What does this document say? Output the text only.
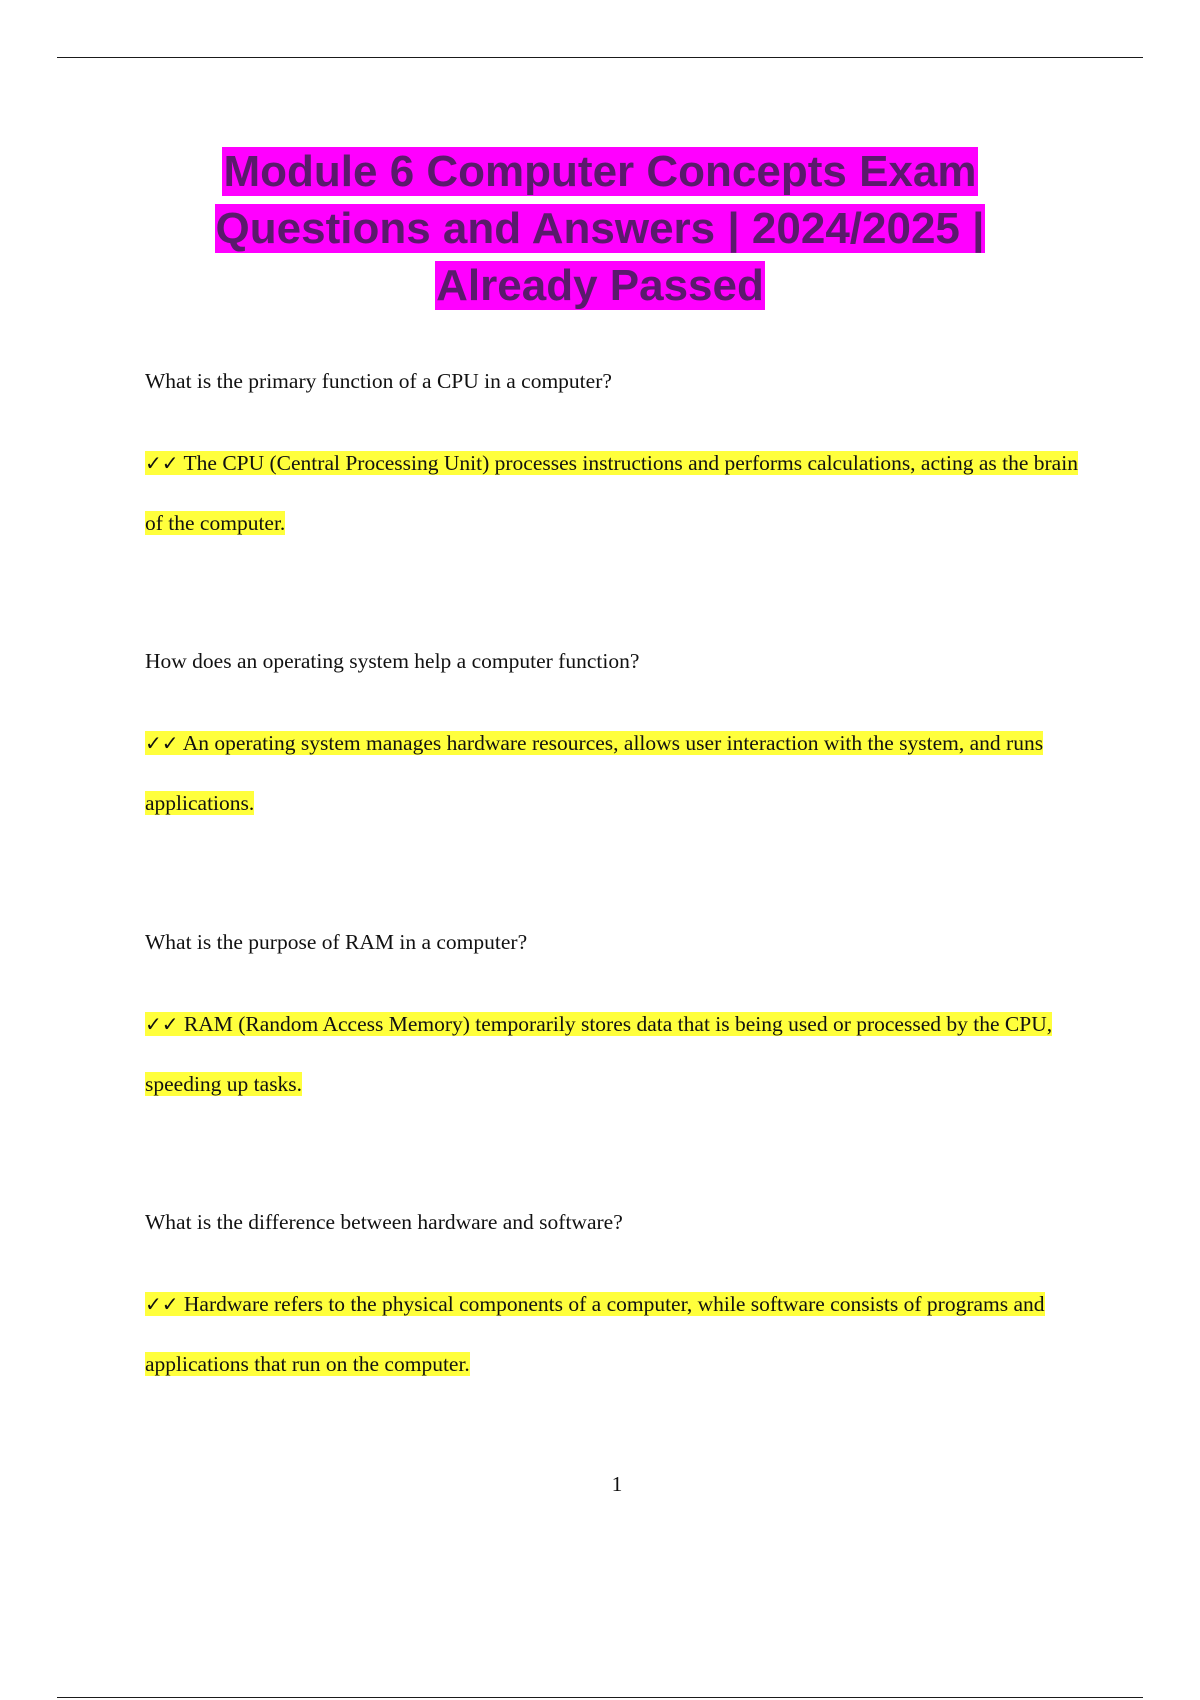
Module 6 Computer Concepts Exam
Questions and Answers | 2024/2025 |
Already Passed

What is the primary function of a CPU in a computer?

✓✓ The CPU (Central Processing Unit) processes instructions and performs calculations, acting as the brain of the computer.

How does an operating system help a computer function?

✓✓ An operating system manages hardware resources, allows user interaction with the system, and runs applications.

What is the purpose of RAM in a computer?

✓✓ RAM (Random Access Memory) temporarily stores data that is being used or processed by the CPU, speeding up tasks.

What is the difference between hardware and software?

✓✓ Hardware refers to the physical components of a computer, while software consists of programs and applications that run on the computer.

1
